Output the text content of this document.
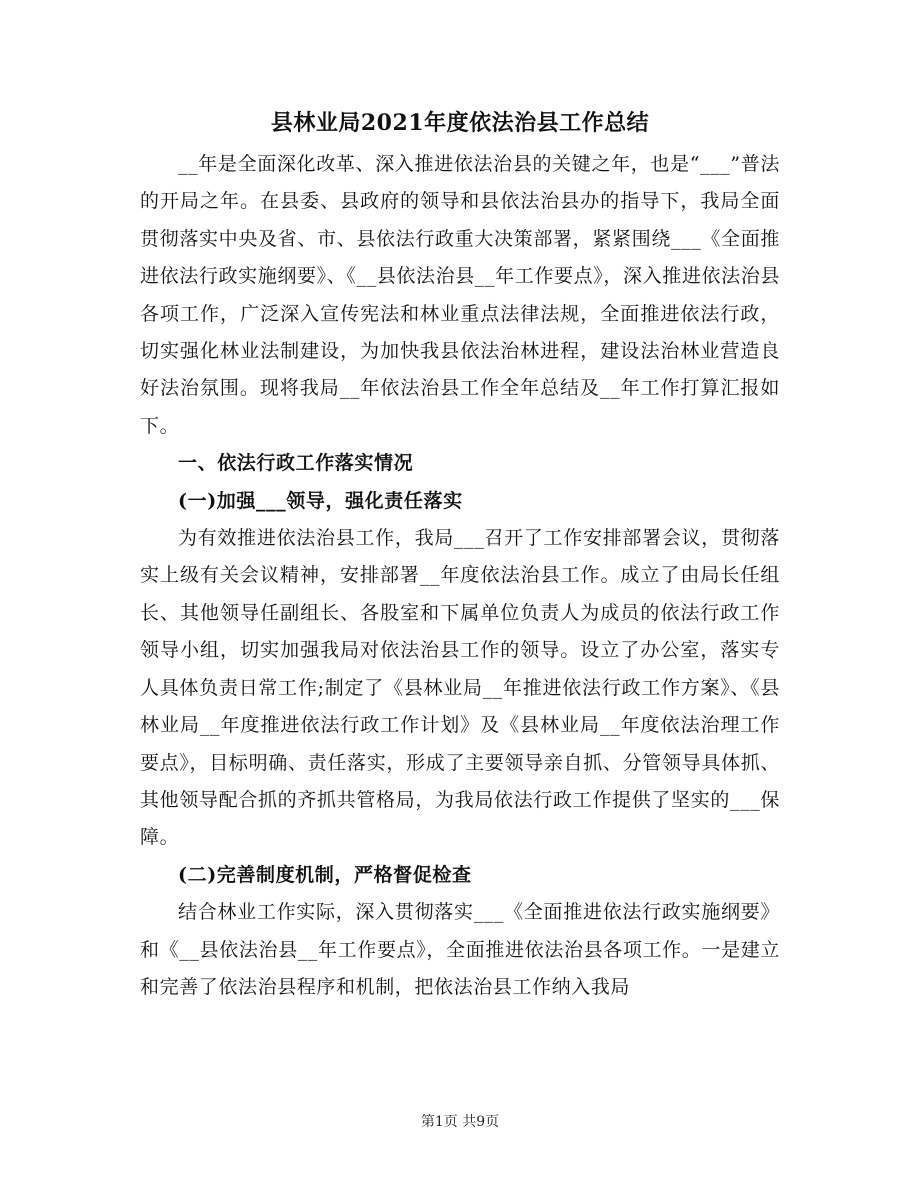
县林业局2021年度依法治县工作总结

__年是全面深化改革、深入推进依法治县的关键之年，也是“___”普法的开局之年。在县委、县政府的领导和县依法治县办的指导下，我局全面贯彻落实中央及省、市、县依法行政重大决策部署，紧紧围绕___《全面推进依法行政实施纲要》、《__县依法治县__年工作要点》，深入推进依法治县各项工作，广泛深入宣传宪法和林业重点法律法规，全面推进依法行政，切实强化林业法制建设，为加快我县依法治林进程，建设法治林业营造良好法治氛围。现将我局__年依法治县工作全年总结及__年工作打算汇报如下。

一、依法行政工作落实情况

(一)加强___领导，强化责任落实

为有效推进依法治县工作，我局___召开了工作安排部署会议，贯彻落实上级有关会议精神，安排部署__年度依法治县工作。成立了由局长任组长、其他领导任副组长、各股室和下属单位负责人为成员的依法行政工作领导小组，切实加强我局对依法治县工作的领导。设立了办公室，落实专人具体负责日常工作;制定了《县林业局__年推进依法行政工作方案》、《县林业局__年度推进依法行政工作计划》及《县林业局__年度依法治理工作要点》，目标明确、责任落实，形成了主要领导亲自抓、分管领导具体抓、其他领导配合抓的齐抓共管格局，为我局依法行政工作提供了坚实的___保障。

(二)完善制度机制，严格督促检查

结合林业工作实际，深入贯彻落实___《全面推进依法行政实施纲要》和《__县依法治县__年工作要点》，全面推进依法治县各项工作。一是建立和完善了依法治县程序和机制，把依法治县工作纳入我局

第1页 共9页
